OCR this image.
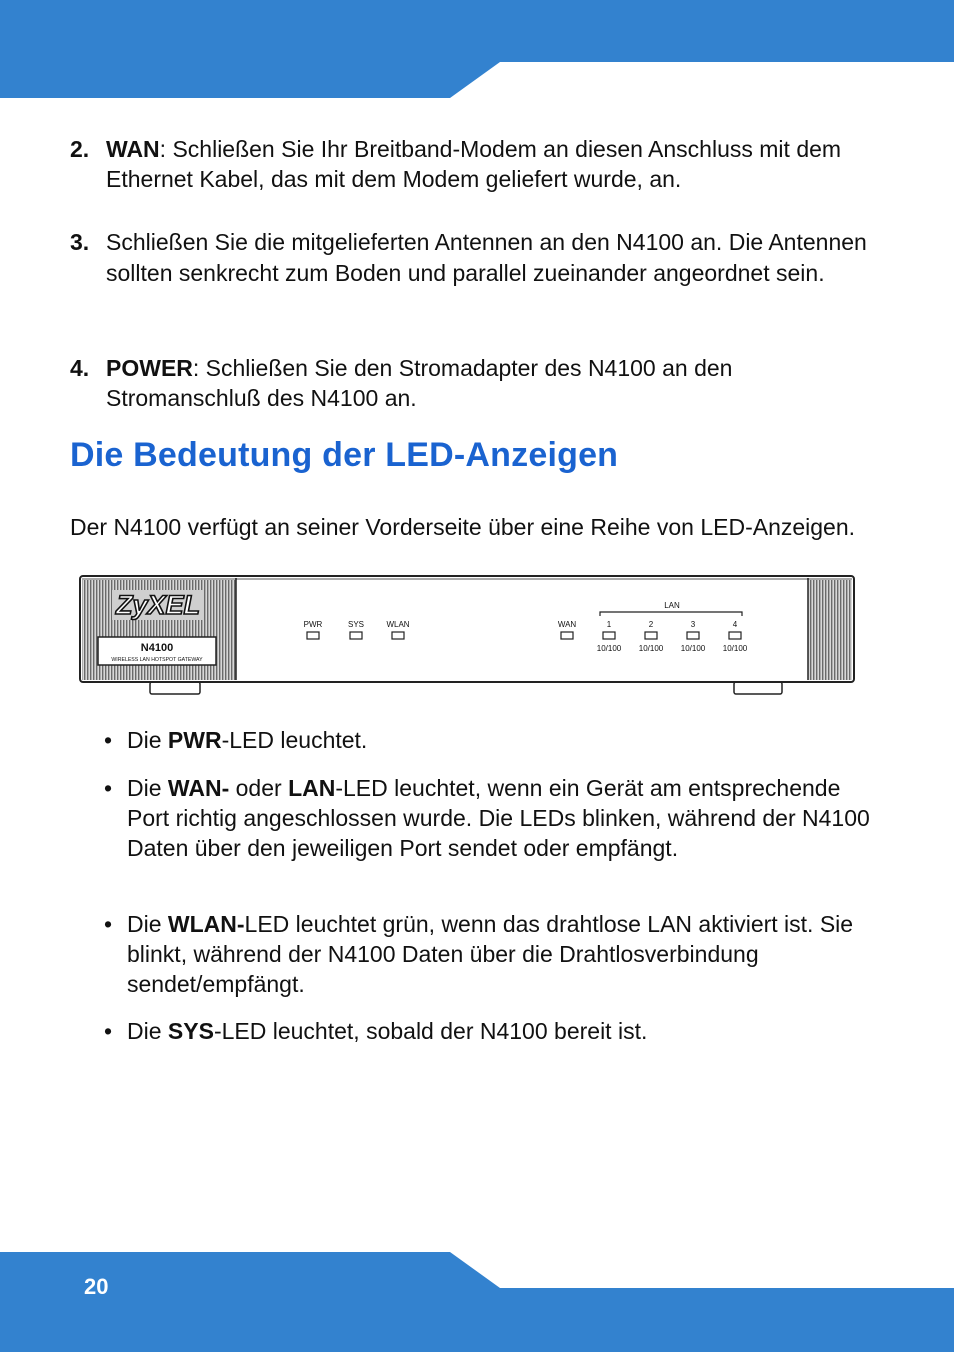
2. WAN: Schließen Sie Ihr Breitband-Modem an diesen Anschluss mit dem Ethernet Kabel, das mit dem Modem geliefert wurde, an.
3. Schließen Sie die mitgelieferten Antennen an den N4100 an. Die Antennen sollten senkrecht zum Boden und parallel zueinander angeordnet sein.
4. POWER: Schließen Sie den Stromadapter des N4100 an den Stromanschluß des N4100 an.
Die Bedeutung der LED-Anzeigen
Der N4100 verfügt an seiner Vorderseite über eine Reihe von LED-Anzeigen.
ZyXEL
N4100
WIRELESS LAN HOTSPOT GATEWAY
PWR	SYS	WLAN	WAN
LAN
1
10/100
2
10/100
3
10/100
4
10/100
• Die PWR-LED leuchtet.
• Die WAN- oder LAN-LED leuchtet, wenn ein Gerät am entsprechende Port richtig angeschlossen wurde. Die LEDs blinken, während der N4100 Daten über den jeweiligen Port sendet oder empfängt.
• Die WLAN-LED leuchtet grün, wenn das drahtlose LAN aktiviert ist. Sie blinkt, während der N4100 Daten über die Drahtlosverbindung sendet/empfängt.
• Die SYS-LED leuchtet, sobald der N4100 bereit ist.
20
